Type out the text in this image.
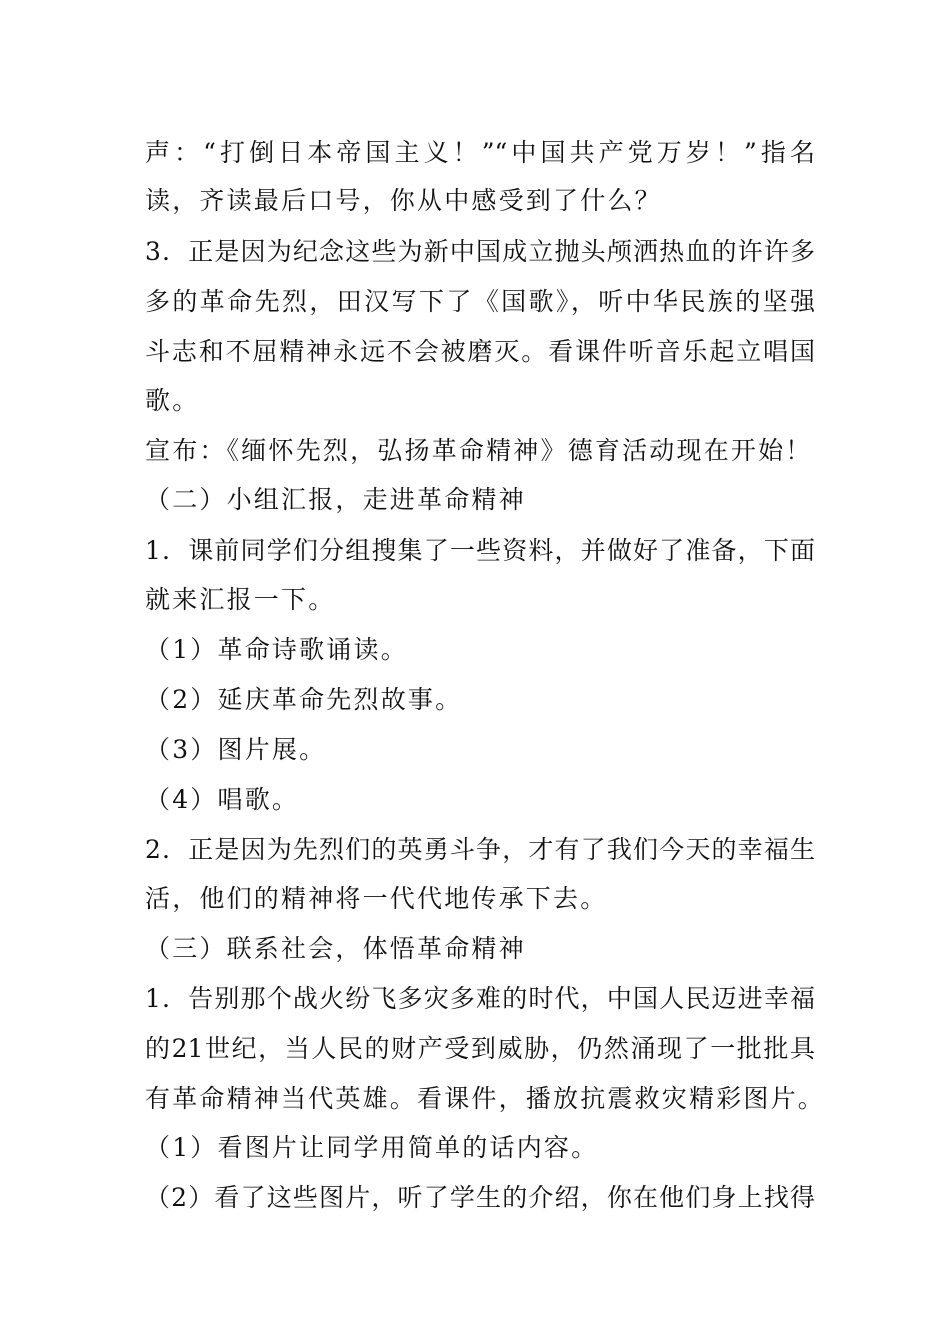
声：“打倒日本帝国主义！”“中国共产党万岁！”指名
读，齐读最后口号，你从中感受到了什么？
3．正是因为纪念这些为新中国成立抛头颅洒热血的许许多
多的革命先烈，田汉写下了《国歌》，听中华民族的坚强
斗志和不屈精神永远不会被磨灭。看课件听音乐起立唱国
歌。
宣布：《缅怀先烈，弘扬革命精神》德育活动现在开始！
（二）小组汇报，走进革命精神
1．课前同学们分组搜集了一些资料，并做好了准备，下面
就来汇报一下。
（1）革命诗歌诵读。
（2）延庆革命先烈故事。
（3）图片展。
（4）唱歌。
2．正是因为先烈们的英勇斗争，才有了我们今天的幸福生
活，他们的精神将一代代地传承下去。
（三）联系社会，体悟革命精神
1．告别那个战火纷飞多灾多难的时代，中国人民迈进幸福
的21世纪，当人民的财产受到威胁，仍然涌现了一批批具
有革命精神当代英雄。看课件，播放抗震救灾精彩图片。
（1）看图片让同学用简单的话内容。
（2）看了这些图片，听了学生的介绍，你在他们身上找得
